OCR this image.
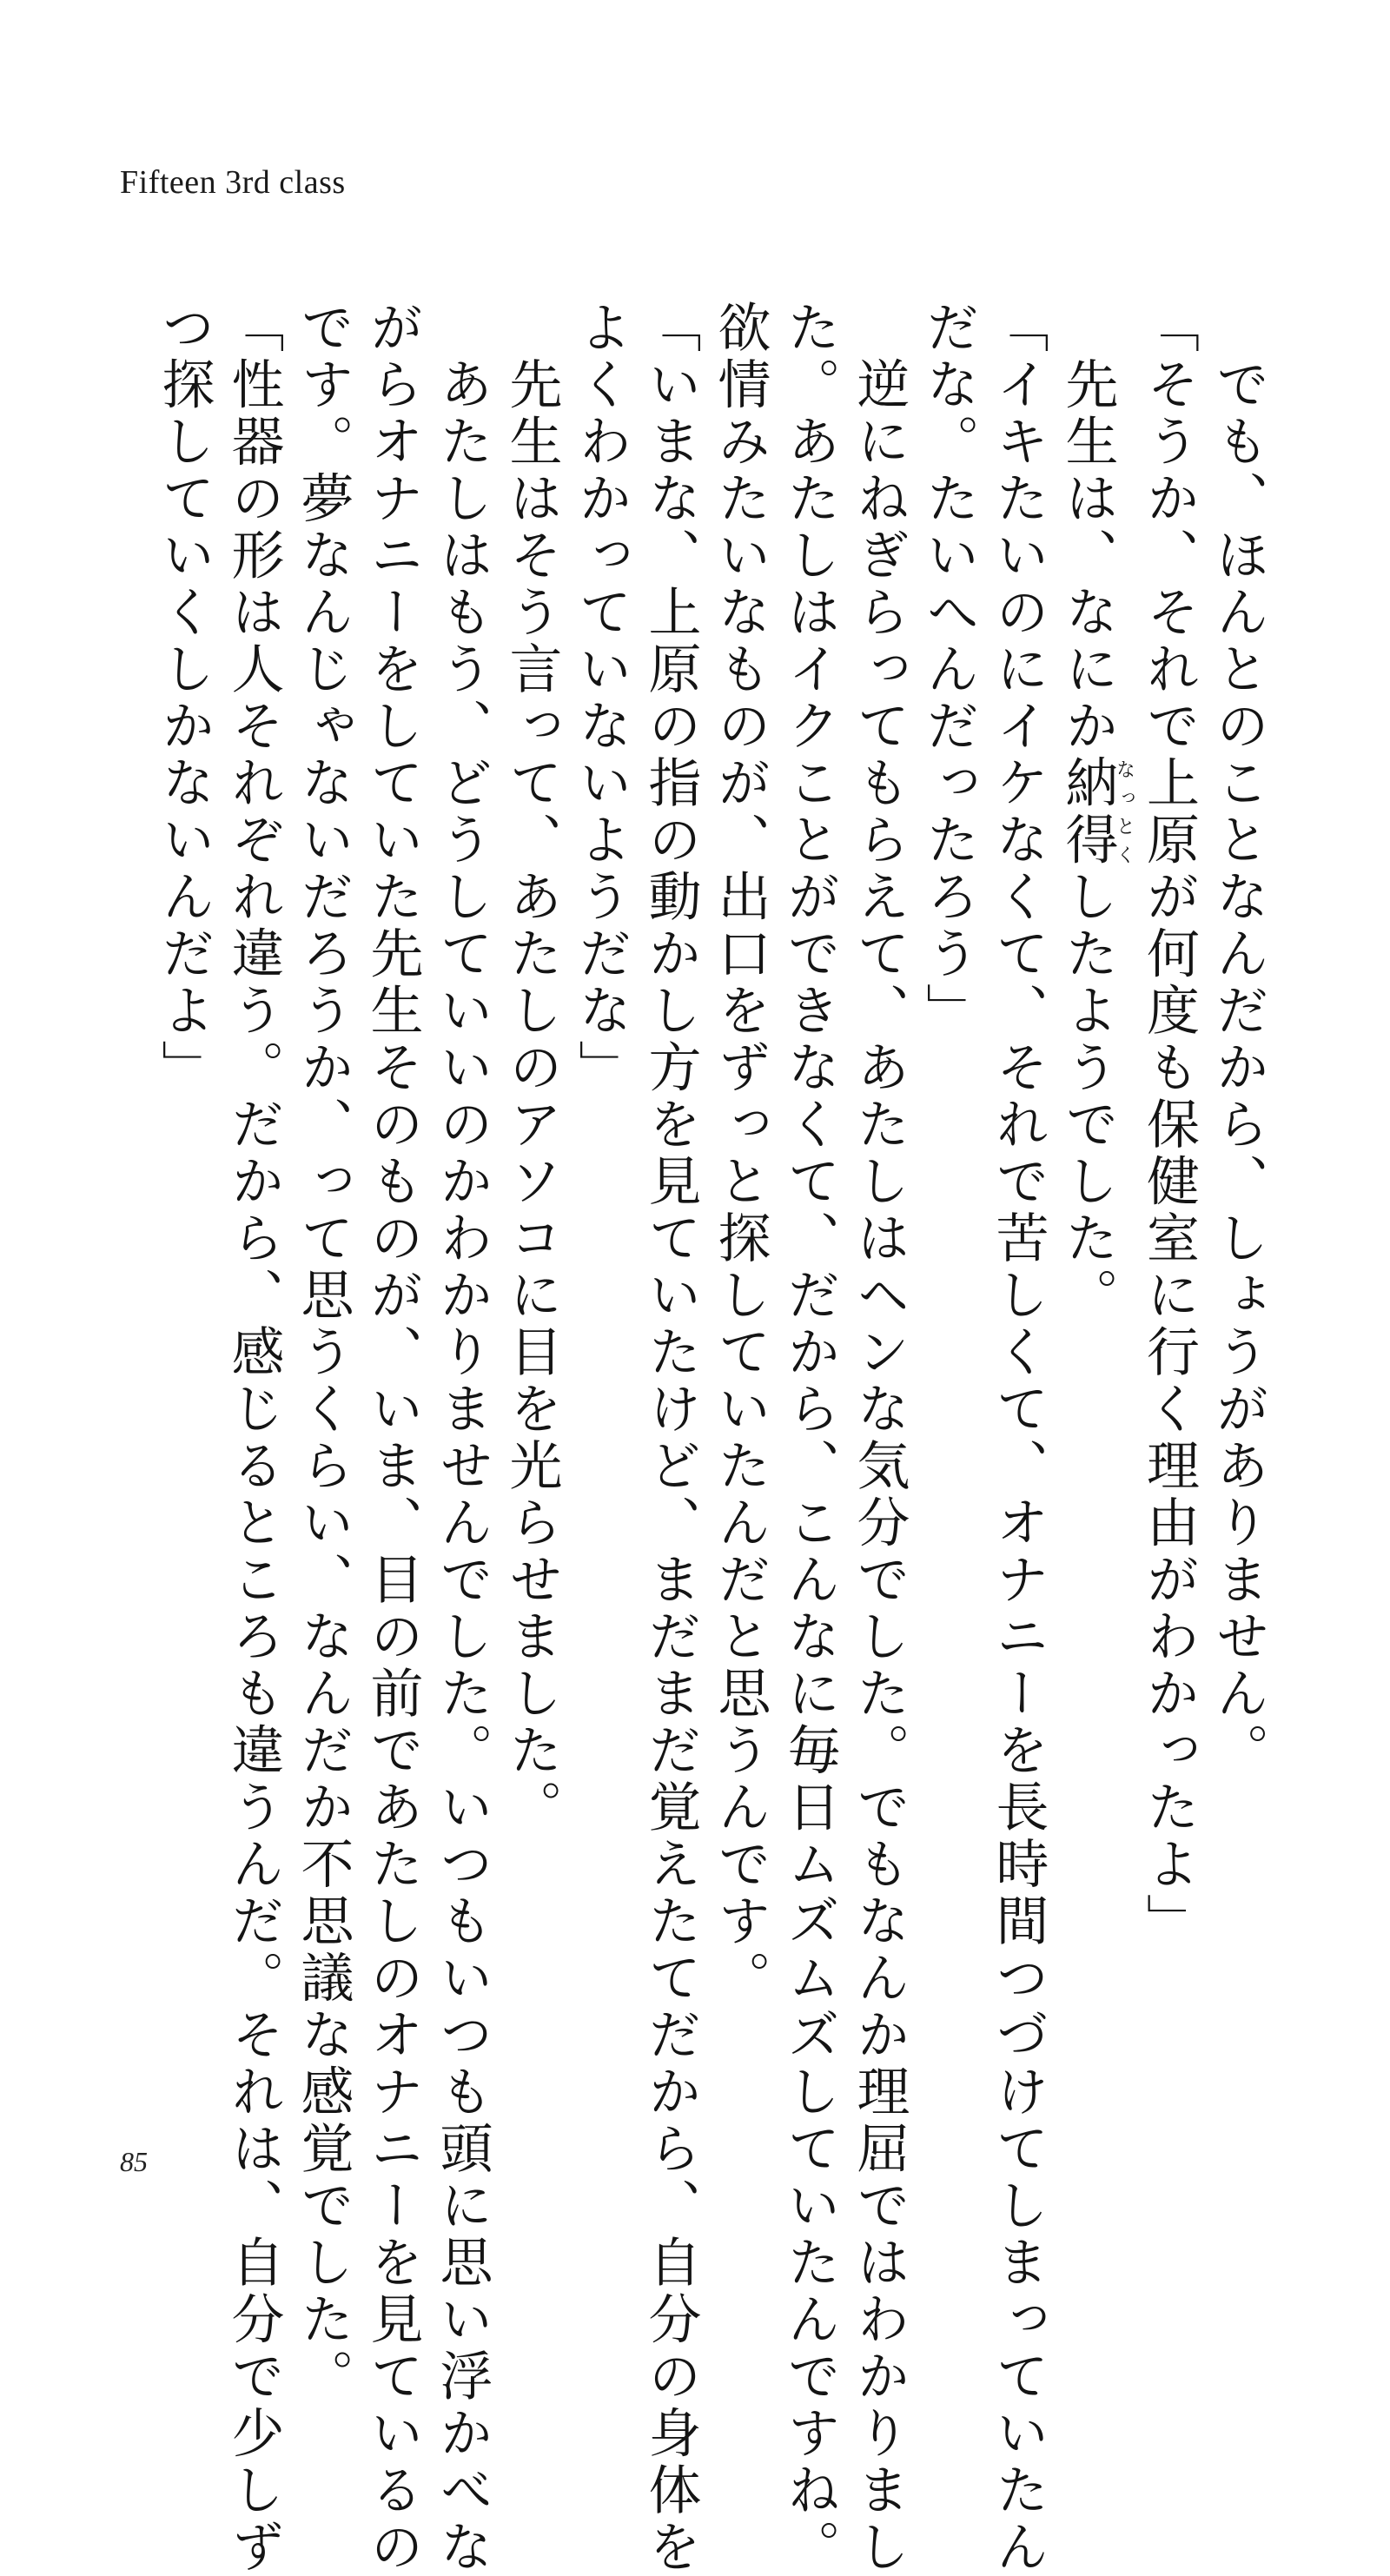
Fifteen 3rd class

　でも、ほんとのことなんだから、しょうがありません。

「そうか、それで上原が何度も保健室に行く理由がわかったよ」

　先生は、なにか納得なっとくしたようでした。

「イキたいのにイケなくて、それで苦しくて、オナニーを長時間つづけてしまっていたん

だな。たいへんだったろう」

　逆にねぎらってもらえて、あたしはヘンな気分でした。でもなんか理屈ではわかりまし

た。あたしはイクことができなくて、だから、こんなに毎日ムズムズしていたんですね。

欲情みたいなものが、出口をずっと探していたんだと思うんです。

「いまな、上原の指の動かし方を見ていたけど、まだまだ覚えたてだから、自分の身体を

よくわかっていないようだな」

　先生はそう言って、あたしのアソコに目を光らせました。

　あたしはもう、どうしていいのかわかりませんでした。いつもいつも頭に思い浮かべな

がらオナニーをしていた先生そのものが、いま、目の前であたしのオナニーを見ているの

です。夢なんじゃないだろうか、って思うくらい、なんだか不思議な感覚でした。

「性器の形は人それぞれ違う。だから、感じるところも違うんだ。それは、自分で少しず

つ探していくしかないんだよ」

85
